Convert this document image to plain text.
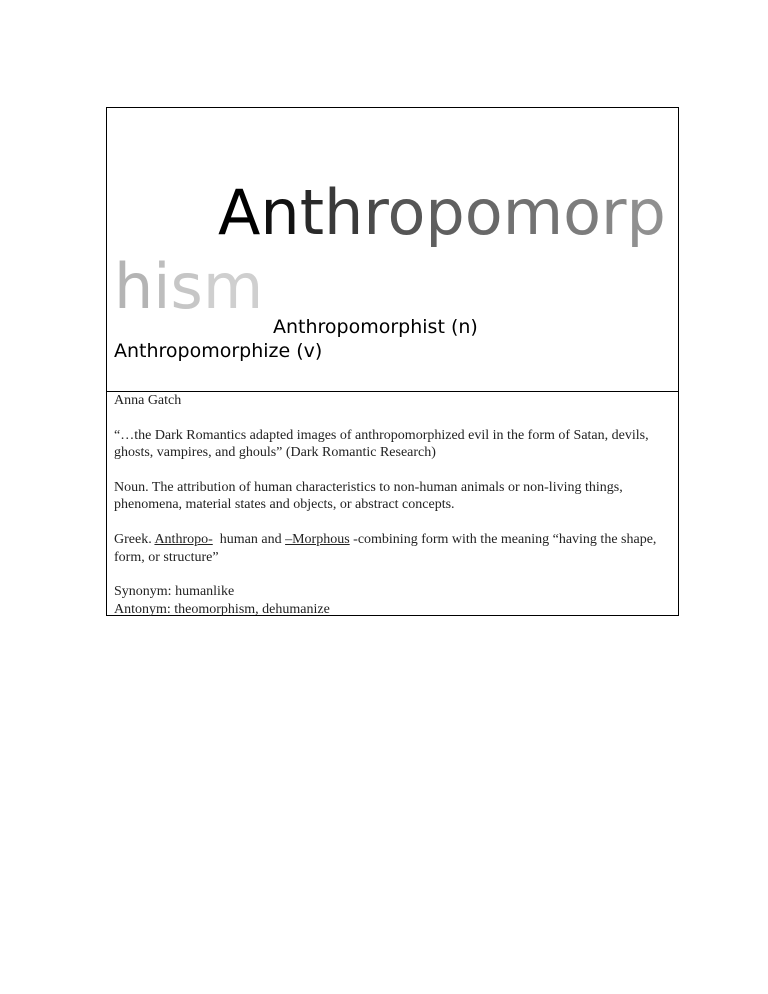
Anthropomorphism
Anthropomorphist (n)
Anthropomorphize (v)

Anna Gatch

“…the Dark Romantics adapted images of anthropomorphized evil in the form of Satan, devils, ghosts, vampires, and ghouls” (Dark Romantic Research)

Noun. The attribution of human characteristics to non-human animals or non-living things, phenomena, material states and objects, or abstract concepts.

Greek. Anthropo-  human and –Morphous -combining form with the meaning “having the shape, form, or structure”

Synonym: humanlike

Antonym: theomorphism, dehumanize
